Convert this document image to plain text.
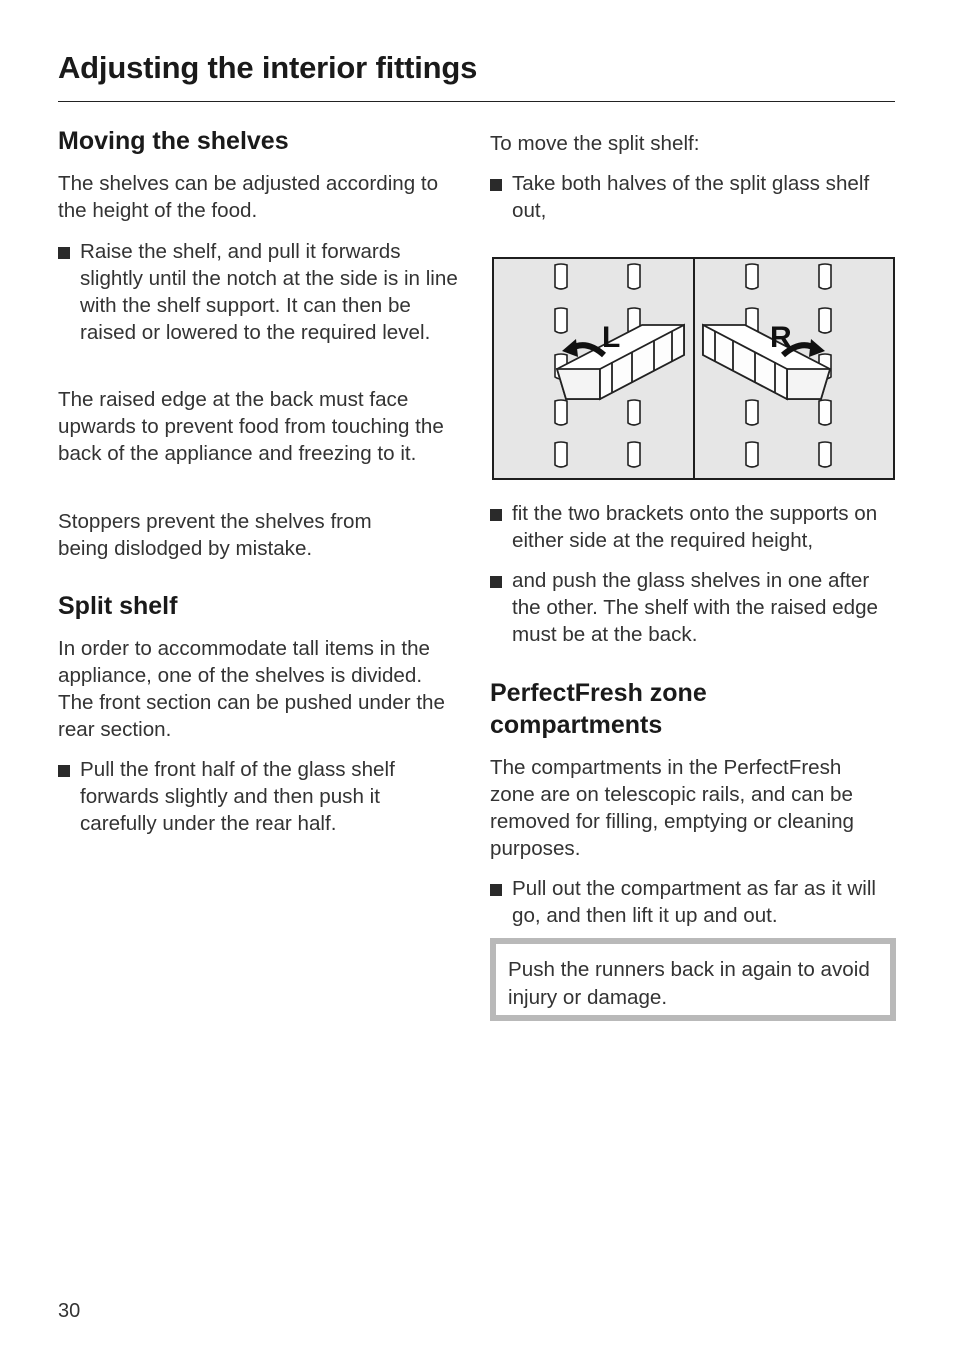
Adjusting the interior fittings
Moving the shelves

The shelves can be adjusted according to the height of the food.

Raise the shelf, and pull it forwards slightly until the notch at the side is in line with the shelf support. It can then be raised or lowered to the required level.

The raised edge at the back must face upwards to prevent food from touching the back of the appliance and freezing to it.

Stoppers prevent the shelves from being dislodged by mistake.

Split shelf

In order to accommodate tall items in the appliance, one of the shelves is divided. The front section can be pushed under the rear section.

Pull the front half of the glass shelf forwards slightly and then push it carefully under the rear half.

To move the split shelf:

Take both halves of the split glass shelf out,
fit the two brackets onto the supports on either side at the required height,
and push the glass shelves in one after the other. The shelf with the raised edge must be at the back.
PerfectFresh zone
compartments

The compartments in the PerfectFresh zone are on telescopic rails, and can be removed for filling, emptying or cleaning purposes.

Pull out the compartment as far as it will go, and then lift it up and out.
L	R

Push the runners back in again to avoid injury or damage.

30
